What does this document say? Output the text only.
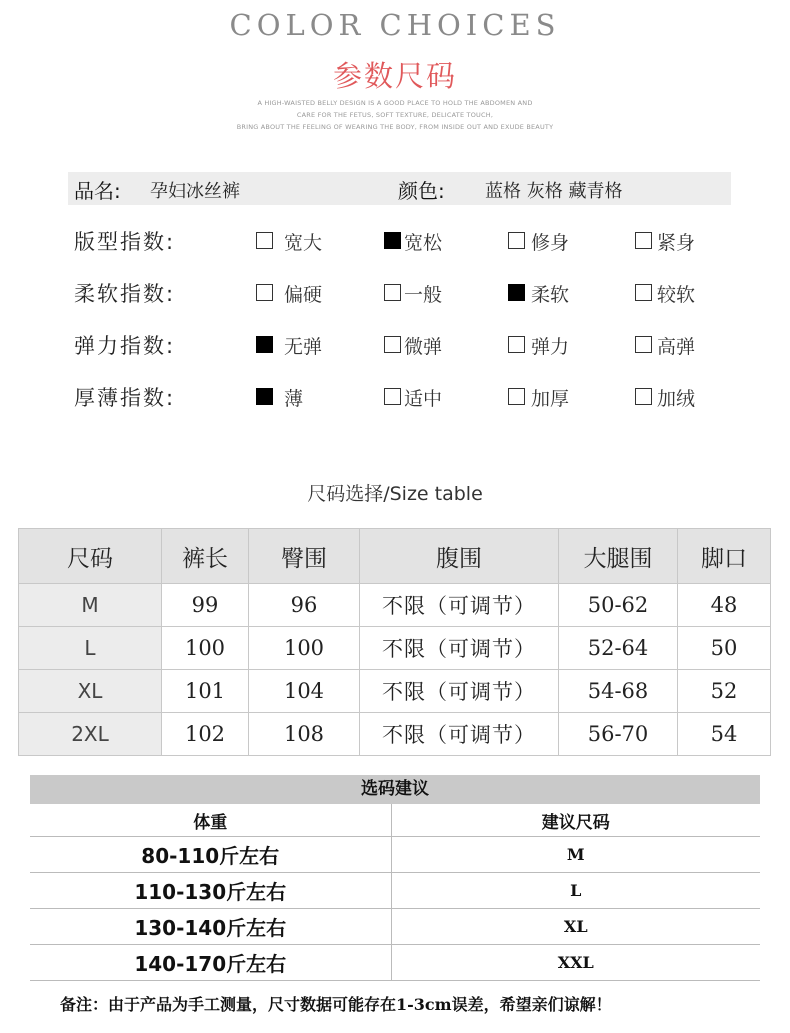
COLOR CHOICES
参数尺码
A HIGH-WAISTED BELLY DESIGN IS A GOOD PLACE TO HOLD THE ABDOMEN AND
CARE FOR THE FETUS, SOFT TEXTURE, DELICATE TOUCH,
BRING ABOUT THE FEELING OF WEARING THE BODY, FROM INSIDE OUT AND EXUDE BEAUTY
品名: 孕妇冰丝裤	颜色: 蓝格 灰格 藏青格
版型指数:	宽大	宽松	修身	紧身
柔软指数:	偏硬	一般	柔软	较软
弹力指数:	无弹	微弹	弹力	高弹
厚薄指数:	薄	适中	加厚	加绒
尺码选择/Size table
尺码	裤长	臀围	腹围	大腿围	脚口
M	99	96	不限（可调节）	50-62	48
L	100	100	不限（可调节）	52-64	50
XL	101	104	不限（可调节）	54-68	52
2XL	102	108	不限（可调节）	56-70	54
选码建议
体重	建议尺码
80-110斤左右	M
110-130斤左右	L
130-140斤左右	XL
140-170斤左右	XXL
备注：由于产品为手工测量，尺寸数据可能存在1-3cm误差，希望亲们谅解！
